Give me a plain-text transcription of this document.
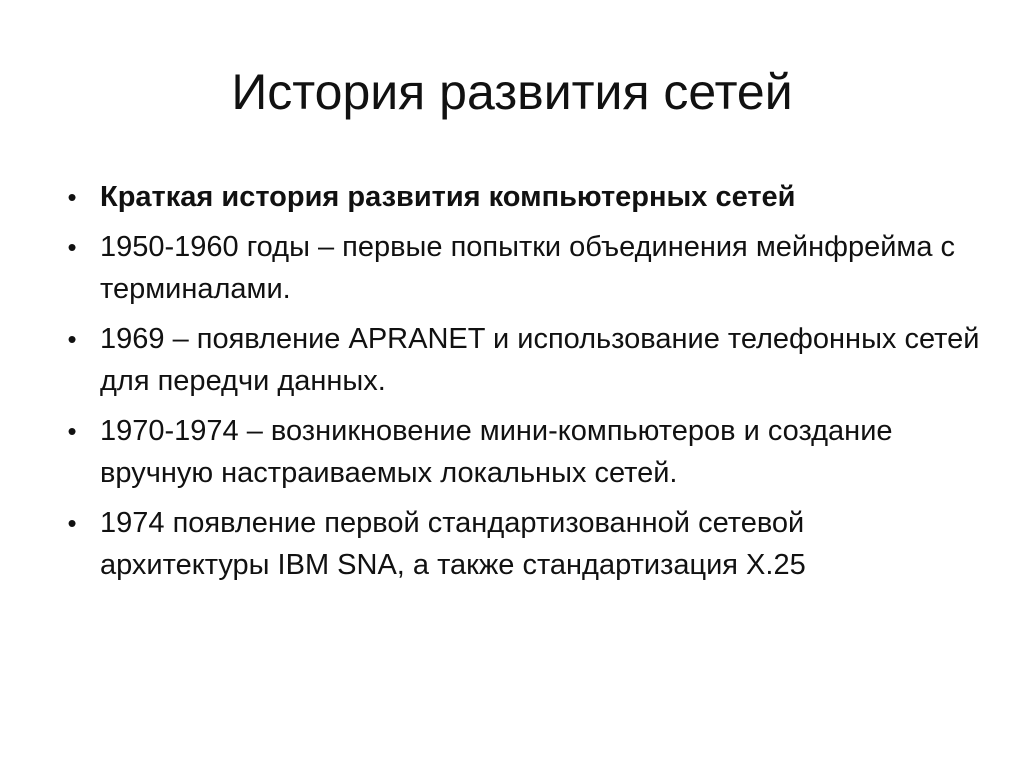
История развития сетей
• Краткая история развития компьютерных сетей
• 1950-1960 годы – первые попытки объединения мейнфрейма с терминалами.
• 1969 – появление APRANET и использование телефонных сетей для передчи данных.
• 1970-1974 – возникновение мини-компьютеров и создание вручную настраиваемых локальных сетей.
• 1974 появление первой стандартизованной сетевой архитектуры IBM SNA, а также стандартизация X.25
